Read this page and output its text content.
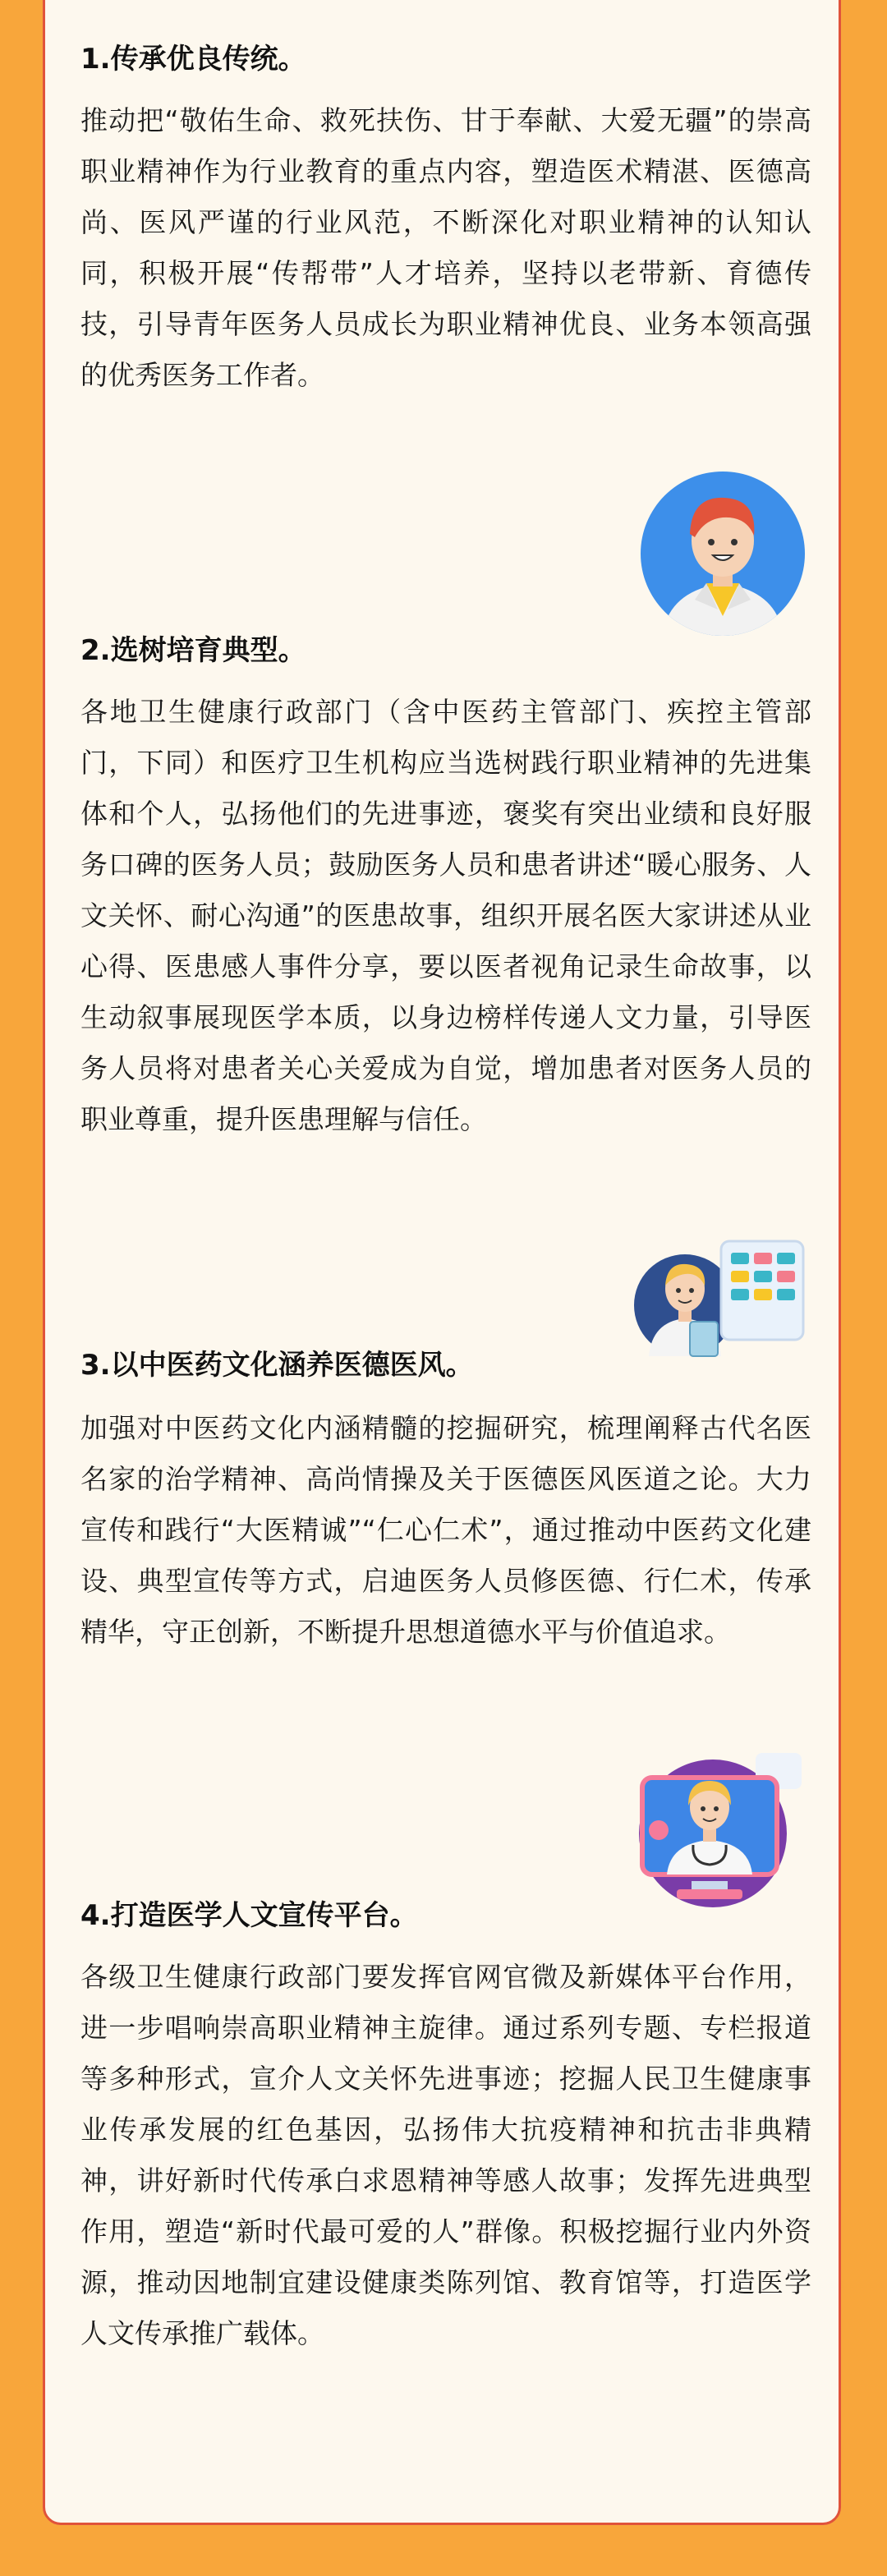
1.传承优良传统。

推动把“敬佑生命、救死扶伤、甘于奉献、大爱无疆”的崇高职业精神作为行业教育的重点内容，塑造医术精湛、医德高尚、医风严谨的行业风范，不断深化对职业精神的认知认同，积极开展“传帮带”人才培养，坚持以老带新、育德传技，引导青年医务人员成长为职业精神优良、业务本领高强的优秀医务工作者。

2.选树培育典型。

各地卫生健康行政部门（含中医药主管部门、疾控主管部门，下同）和医疗卫生机构应当选树践行职业精神的先进集体和个人，弘扬他们的先进事迹，褒奖有突出业绩和良好服务口碑的医务人员；鼓励医务人员和患者讲述“暖心服务、人文关怀、耐心沟通”的医患故事，组织开展名医大家讲述从业心得、医患感人事件分享，要以医者视角记录生命故事，以生动叙事展现医学本质，以身边榜样传递人文力量，引导医务人员将对患者关心关爱成为自觉，增加患者对医务人员的职业尊重，提升医患理解与信任。

3.以中医药文化涵养医德医风。

加强对中医药文化内涵精髓的挖掘研究，梳理阐释古代名医名家的治学精神、高尚情操及关于医德医风医道之论。大力宣传和践行“大医精诚”“仁心仁术”，通过推动中医药文化建设、典型宣传等方式，启迪医务人员修医德、行仁术，传承精华，守正创新，不断提升思想道德水平与价值追求。

4.打造医学人文宣传平台。

各级卫生健康行政部门要发挥官网官微及新媒体平台作用，进一步唱响崇高职业精神主旋律。通过系列专题、专栏报道等多种形式，宣介人文关怀先进事迹；挖掘人民卫生健康事业传承发展的红色基因，弘扬伟大抗疫精神和抗击非典精神，讲好新时代传承白求恩精神等感人故事；发挥先进典型作用，塑造“新时代最可爱的人”群像。积极挖掘行业内外资源，推动因地制宜建设健康类陈列馆、教育馆等，打造医学人文传承推广载体。
